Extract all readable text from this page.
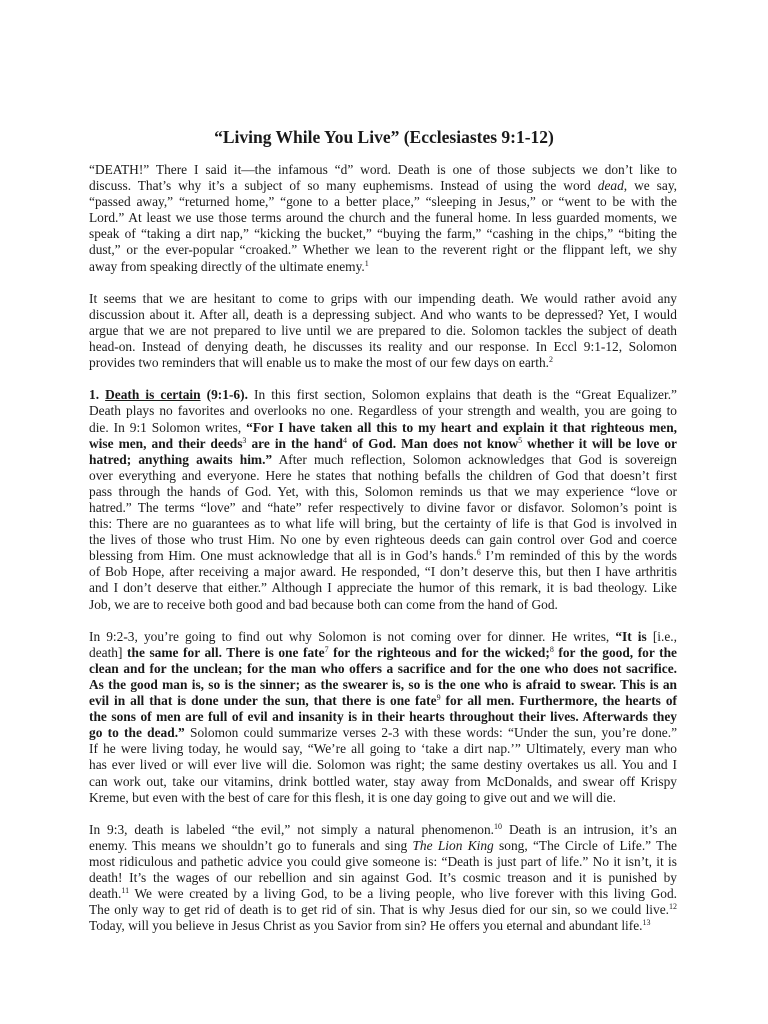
“Living While You Live” (Ecclesiastes 9:1-12)

“DEATH!” There I said it—the infamous “d” word. Death is one of those subjects we don’t like to
discuss. That’s why it’s a subject of so many euphemisms. Instead of using the word dead, we say,
“passed away,” “returned home,” “gone to a better place,” “sleeping in Jesus,” or “went to be with the
Lord.” At least we use those terms around the church and the funeral home. In less guarded moments, we
speak of “taking a dirt nap,” “kicking the bucket,” “buying the farm,” “cashing in the chips,” “biting the
dust,” or the ever-popular “croaked.” Whether we lean to the reverent right or the flippant left, we shy
away from speaking directly of the ultimate enemy.$^1$

It seems that we are hesitant to come to grips with our impending death. We would rather avoid any
discussion about it. After all, death is a depressing subject. And who wants to be depressed? Yet, I would
argue that we are not prepared to live until we are prepared to die. Solomon tackles the subject of death
head-on. Instead of denying death, he discusses its reality and our response. In Eccl 9:1-12, Solomon
provides two reminders that will enable us to make the most of our few days on earth.$^2$

1. Death is certain (9:1-6). In this first section, Solomon explains that death is the “Great Equalizer.”
Death plays no favorites and overlooks no one. Regardless of your strength and wealth, you are going to
die. In 9:1 Solomon writes, “For I have taken all this to my heart and explain it that righteous men,
wise men, and their deeds$^3$ are in the hand$^4$ of God. Man does not know$^5$ whether it will be love or
hatred; anything awaits him.” After much reflection, Solomon acknowledges that God is sovereign
over everything and everyone. Here he states that nothing befalls the children of God that doesn’t first
pass through the hands of God. Yet, with this, Solomon reminds us that we may experience “love or
hatred.” The terms “love” and “hate” refer respectively to divine favor or disfavor. Solomon’s point is
this: There are no guarantees as to what life will bring, but the certainty of life is that God is involved in
the lives of those who trust Him. No one by even righteous deeds can gain control over God and coerce
blessing from Him. One must acknowledge that all is in God’s hands.$^6$ I’m reminded of this by the words
of Bob Hope, after receiving a major award. He responded, “I don’t deserve this, but then I have arthritis
and I don’t deserve that either.” Although I appreciate the humor of this remark, it is bad theology. Like
Job, we are to receive both good and bad because both can come from the hand of God.

In 9:2-3, you’re going to find out why Solomon is not coming over for dinner. He writes, “It is [i.e.,
death] the same for all. There is one fate$^7$ for the righteous and for the wicked;$^8$ for the good, for the
clean and for the unclean; for the man who offers a sacrifice and for the one who does not sacrifice.
As the good man is, so is the sinner; as the swearer is, so is the one who is afraid to swear. This is an
evil in all that is done under the sun, that there is one fate$^9$ for all men. Furthermore, the hearts of
the sons of men are full of evil and insanity is in their hearts throughout their lives. Afterwards they
go to the dead.” Solomon could summarize verses 2-3 with these words: “Under the sun, you’re done.”
If he were living today, he would say, “We’re all going to ‘take a dirt nap.’” Ultimately, every man who
has ever lived or will ever live will die. Solomon was right; the same destiny overtakes us all. You and I
can work out, take our vitamins, drink bottled water, stay away from McDonalds, and swear off Krispy
Kreme, but even with the best of care for this flesh, it is one day going to give out and we will die.

In 9:3, death is labeled “the evil,” not simply a natural phenomenon.$^{10}$ Death is an intrusion, it’s an
enemy. This means we shouldn’t go to funerals and sing The Lion King song, “The Circle of Life.” The
most ridiculous and pathetic advice you could give someone is: “Death is just part of life.” No it isn’t, it is
death! It’s the wages of our rebellion and sin against God. It’s cosmic treason and it is punished by
death.$^{11}$ We were created by a living God, to be a living people, who live forever with this living God.
The only way to get rid of death is to get rid of sin. That is why Jesus died for our sin, so we could live.$^{12}$
Today, will you believe in Jesus Christ as you Savior from sin? He offers you eternal and abundant life.$^{13}$
